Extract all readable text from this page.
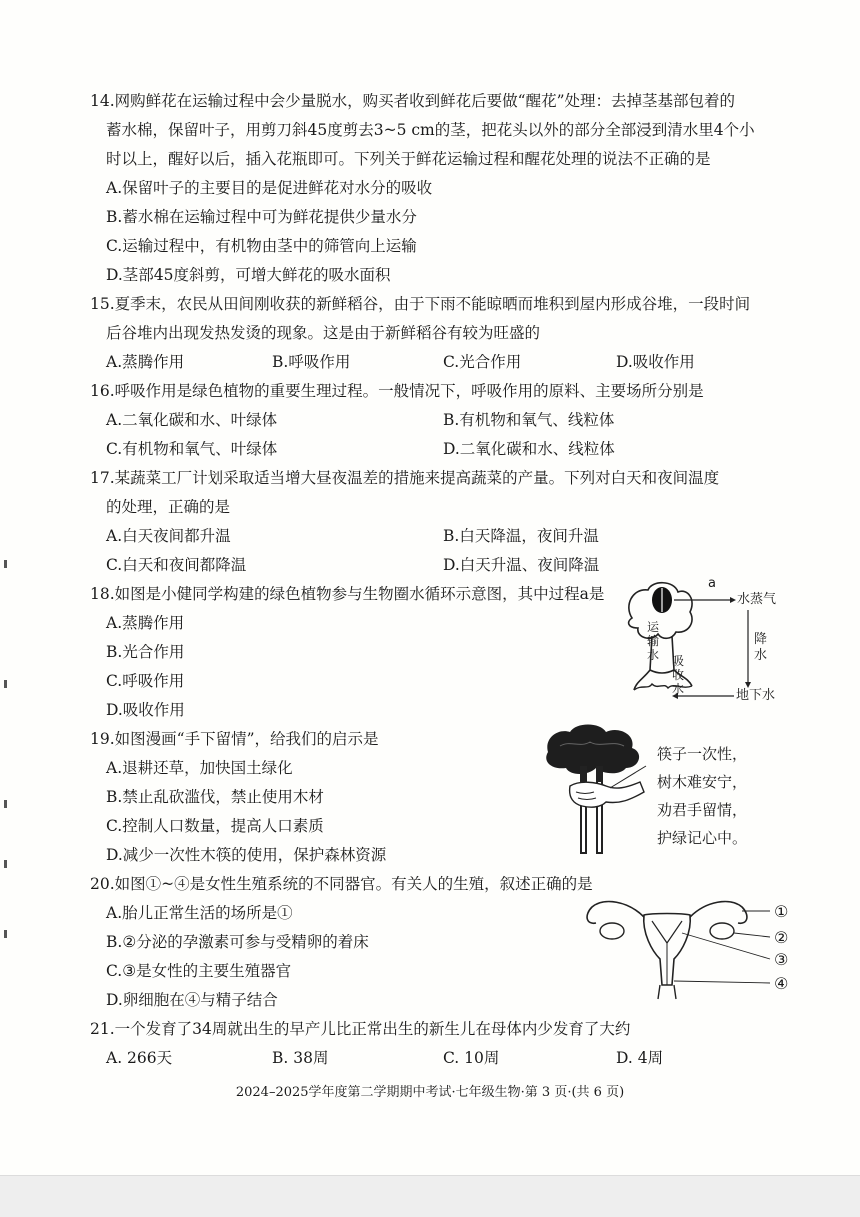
14.网购鲜花在运输过程中会少量脱水，购买者收到鲜花后要做“醒花”处理：去掉茎基部包着的
蓄水棉，保留叶子，用剪刀斜45度剪去3~5 cm的茎，把花头以外的部分全部浸到清水里4个小
时以上，醒好以后，插入花瓶即可。下列关于鲜花运输过程和醒花处理的说法不正确的是
A.保留叶子的主要目的是促进鲜花对水分的吸收
B.蓄水棉在运输过程中可为鲜花提供少量水分
C.运输过程中，有机物由茎中的筛管向上运输
D.茎部45度斜剪，可增大鲜花的吸水面积
15.夏季末，农民从田间刚收获的新鲜稻谷，由于下雨不能晾晒而堆积到屋内形成谷堆，一段时间
后谷堆内出现发热发烫的现象。这是由于新鲜稻谷有较为旺盛的
A.蒸腾作用	B.呼吸作用	C.光合作用	D.吸收作用
16.呼吸作用是绿色植物的重要生理过程。一般情况下，呼吸作用的原料、主要场所分别是
A.二氧化碳和水、叶绿体	B.有机物和氧气、线粒体
C.有机物和氧气、叶绿体	D.二氧化碳和水、线粒体
17.某蔬菜工厂计划采取适当增大昼夜温差的措施来提高蔬菜的产量。下列对白天和夜间温度
的处理，正确的是
A.白天夜间都升温	B.白天降温，夜间升温
C.白天和夜间都降温	D.白天升温、夜间降温
18.如图是小健同学构建的绿色植物参与生物圈水循环示意图，其中过程a是
A.蒸腾作用
B.光合作用
C.呼吸作用
D.吸收作用
a
水蒸气
运
输
水 吸
收
水
降
水
地下水
19.如图漫画“手下留情”，给我们的启示是
A.退耕还草，加快国土绿化
B.禁止乱砍滥伐，禁止使用木材
C.控制人口数量，提高人口素质
D.减少一次性木筷的使用，保护森林资源
筷子一次性，
树木难安宁，
劝君手留情，
护绿记心中。
20.如图①~④是女性生殖系统的不同器官。有关人的生殖，叙述正确的是
A.胎儿正常生活的场所是①
B.②分泌的孕激素可参与受精卵的着床
C.③是女性的主要生殖器官
D.卵细胞在④与精子结合
①
②
③
④
21.一个发育了34周就出生的早产儿比正常出生的新生儿在母体内少发育了大约
A. 266天	B. 38周	C. 10周	D. 4周
2024–2025学年度第二学期期中考试·七年级生物·第 3 页·(共 6 页)
